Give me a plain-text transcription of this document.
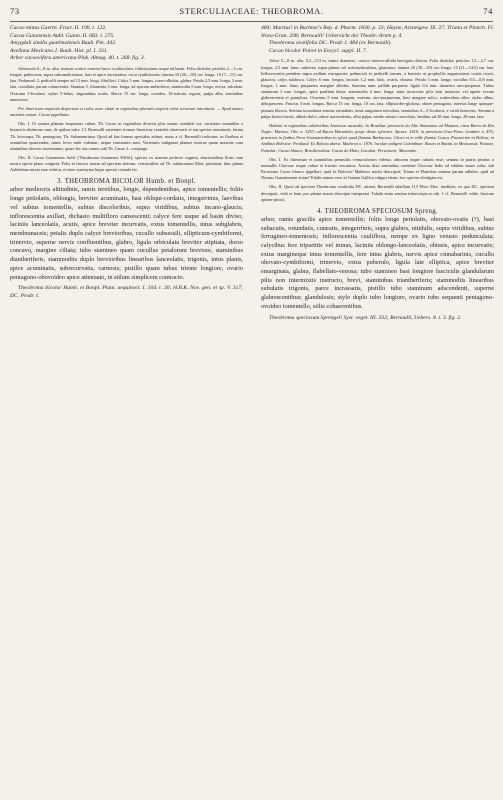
73	STERCULIACEAE: THEOBROMA.	74

Cacao minus Gaertn. Fruct. II. 190. t. 122.

Cacoa Guianensis Aubl. Guian. II. 683. t. 275.

Amygdali similis guatimalensis Bauh. Pin. 442.

Avellana Mexicana J. Bauh. Hist. pl. I. 331.

Arbor cacaovifera americana Pluk. Almag. 40. t. 268. fig. 3.

Arbuscula 6—8 m. alta; truncus cortice cinereo-fusco scrobiculato, foliosissimus usque ad basin. Folia disticha; petioles 2—3 cm. longus, pubescens, supra subcanaliculatus, basi et apice incrassatus, circa cyathiformis; lamina 10 (20—30) cm. longa, 10 (7—11) cm. lata. Pedunculi 2, pedicelli semper ad 12 mm. longi, fibrillosi. Calyx 5 mm. longus, roseo-albidus, glaber. Petala 2,5 mm. longa, 2 mm. lata, cucullata, parum cohaerentia. Stamina 5, filamenta 3 mm. longa, ad apicem antherifera; staminodia 5 mm. longa, erecta, subulata. Ovarium 5-loculare, stylus 5-lobus, stigmatibus acutis. Bacca 15 cm. longa, ovoidea, 10-sulcata, rugosa, pulpa alba, seminibus numerosis.

Per Americam tropicam dispersum et culta, nunc etiam in regionibus plurimis tropicis orbis terrarum introducta. — Apud omnes nationes notum: Cacao appellatur.

Obs. I. Ut omnes plantae frequenter cultae, Th. Cacao in regionibus diversis plus minus variabile est; varietates nonnullae a botanicis distinctae sunt, de quibus infra. Cl. Bernoulli varietates formae Americae centralis observavit et eas species nominavit; forma Th. leiocarpa, Th. pentagona, Th. Salzmanniana. Quod ad has formas speciales attinet, notas a cl. Bernoulli indicatas, in floribus et seminibus quaerendas, nimis leves mihi videntur; neque constantes sunt. Varietates indigenae plantae nostrae quam maxime cum seminibus diversis inveniuntur; quare hic eas omnes sub Th. Cacao L. conjungo.

Obs. II. Cacao Guianensis Aubl. (Theobroma Guianense Willd.), species ex nomine perfecte cognita, characteribus floris cum nostra specie plane congruit. Folia et fructus autem ad speciem alteram, verisimiliter ad Th. subincanum Mart. pertinent; hinc planta Aubletiana mixta esse videtur, et inter synonyma hujus speciei citanda est.

3. THEOBROMA BICOLOR Humb. et Bonpl.

arbor mediocris altitudinis, ramis teretibus, longis, dependentibus, apice tomentellis; foliis longe petiolatis, oblongis, breviter acuminatis, basi obliqui-cordatis, integerrimis, laevibus vel subtus tomentellis, subtus discoloribus, supra viridibus, subtus incano-glaucis; inflorescentia axillari, dichasio multifloro cansescenti; calyce fere usque ad basin diviso, laciniis lanceolatis, acutis, apice breviter incurvatis, extus tomentellis, intus subglabris, membranaceis; petalis duplo calyce brevioribus, cucullo subsessili, ellipticum-cymbiformi, trinervio, superne nervis confluentibus, glabro, ligula orbiculata breviter stipitata, dorso concavo, margine ciliata; tubo stamineo quam cucullus petalorum breviore, staminibus diantheriferis, staminodiis duplo brevioribus linearibus lanceolatis, trigonis, intus planis, apice acuminatis, subrecurvatis, carnosis; pistillo quam tubus triente longiore, ovario pentagono-obovoideo apice attenuato, in stilum simplicem contracto.

Theobroma bicolor Humb. et Bonpl. Plant. aequinoct. I. 104. t. 30; H.B.K. Nov. gen. et sp. V. 317; DC. Prodr. I.

484; Martius! in Buchner's Rep. d. Pharm. 1830. p. 23; Hayne, Arzneigew. IX. 37; Triana et Planch. Fl. Nova-Gran. 208; Bernoulli! Uebersicht der Theobr.-Arten p. 4.

Theobroma ovatifolia DC. Prodr. I. 484 (ex Bernoulli).

Cacao bicolor Poiret in Encycl. suppl. II. 7.

Arbor 5—8 m. alta, 0,2—0,3 m. trunci diametro, cortice cinereo-albida laevigata obtecta. Folia disticha; petiolus 1,5—2,7 cm. longus, 2,5 mm. latus, subteres, supra planus vel subcanaliculatus, glaucinus; lamina 20 (30—50) cm. longa, 13 (11—14,5) cm. lata. Inflorescentia pendens supra axillam extraposita; pedunculi et pedicelli tenues, a bracteis ut prophyllis angustissime ovatis cincti, glaucini, calyx subfusca. Calyx 6 mm. longus, laciniis 1,2 mm. latis, ovatis, obtusis. Petala 3 mm. longa; cucullus 0,6—0,8 mm. longus, 1 mm. latus, purpureus margine albidus. Stamina nunc pallide purpurea; ligula 0,6 mm. diametro atro-purpurea. Tubus staminum 2 mm. longus, apice paullum latior; staminodia 4 mm. longa, intus incurvatis pilis basi instructa, vel aperte vexam glabrescentia et granulosa. Ovarium 5 mm. longum, ovatum, atro-purpureum, basi margine sulco; scaberulum albo; stylus albus, deliquescens. Fructus 3 mm. longus. Bacca 15 cm. longa, 10 cm. lata, ellipsoideo-globosa, obiter pentagona, interius longe quinque-pinnata fibrosa. Semina secundaria semina rotundatis, intus sanguinea reticulata, seminibus 4—5-locularis, e viridi lutescens. Semina a pulpa lacteo-tinctis, albido-dulci, odore suaveolentia, albo pulpa, medio nasuto-convoluto, lentibus ad 28 mm. longa, 20 mm. lata.

Habitat in regionibus calidioribus Americae australis. In Brasiliae provincia do Alto Amazonas ad Manaos, circa Barra do Rio Negro: Martius; Obs. n. 3253; ad Bacca Maranhão, prope dense sylvestri: Spruce. 1610; in provincia Grao-Para: Gardner n. 470; praeterea in finibus Novo-Granatensibus in sylvis quad flumina Barbacoas, Choco et in valle flumini Cauca. Praesertim in Bolivia, in Andibus Boliviae: Pentland. Ex Bolivia altera: Mathews n. 1876. Incolae indigeni Colombiae: Bacao et Bacán, in Mexicanus: Pataxte, Patashte, Cacao blanco; Brasiliensibus: Cacao do Mato, Cacahui; Peruvianis: Macambo.

Obs. I. Ex litteratura et numinibus permultis vernaculorum videtur, arborem nuper cultam esse; semina in patria penitus a nonnullis Chocoae usque cultae et fructus vescantur; Acosta dixit seminibus varietate Chocoae Indis ad edulem usum culta; sub Peruviana Cacao blanco appellari; quid in Bolivia? Mathews multa descripsit; Triana et Planchon semina parum adhibet; quid ad Novam Granatensem etiam? Edulis autem vero in Guiana Gallica vulgari etiam, hoc species divulgata est.

Obs. II. Quod ad speciem Theobroma ovatifolia DC. attinet, Bernoulli tabellam 113 Flore Mex. inediitae, ex qua DC. speciem descripsit, vidit et hanc pro planta nostra descripta interpretat. Tabula enim semina infrascripta in tab. 1 cl. Bernoulli valde, fructum optime pinxit.

4. THEOBROMA SPECIOSUM Spreng.

arbor, ramis gracilis apice tomentellis; foliis longe petiolatis, obovato-ovatis (?), basi subacutis, rotundatis, cuneatis, integerrimis, supra glabris, nitidulis, supra viridibus, subtus ferrugineo-tomentosis; inflorescentia cauliflora, nempe ex ligno vetusto pedunculata; calycibus fere tripartitis vel minus, laciniis oblongo-lanceolatis, obtusis, apice incurvatis; extus margineque intus tomentellis, fere intus glabris, nervis apice cinnabarinis, cucullo obovato-cymbiformi, trinervio, extus puberulo, ligula late elliptica, apice breviter emarginata, glabra, flabellato-venosa; tubo stamineo basi longiore fasciculis glandularum pilis non intermixtis instructo, brevi, staminibus triantheriferis; staminodiis linearibus subulatis trigonis, parce incrassatis, pistillo tubo staminum adscendenti, superne glabrescentibus; glandulosis; stylo duplo tubo longiore, ovario tubo sequenti pentagono-ovoideo tomentello, stilis cohaerentibus.

Theobroma speciosum Sprengel! Syst. veget. III. 332; Bernoulli, Uebers. 8. t. 3. fig. 2.
